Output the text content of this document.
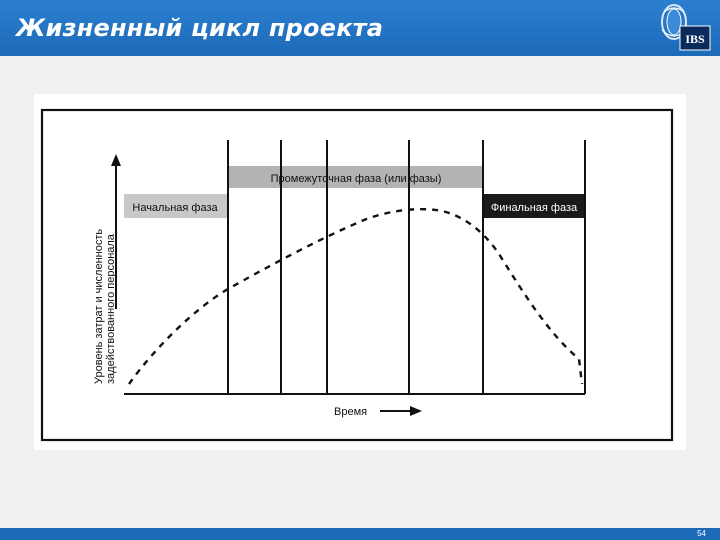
Жизненный цикл проекта	IBS
Промежуточная фаза (или фазы)
Начальная фаза	Финальная фаза
Уровень затрат и численность задействованного персонала
Время
54
